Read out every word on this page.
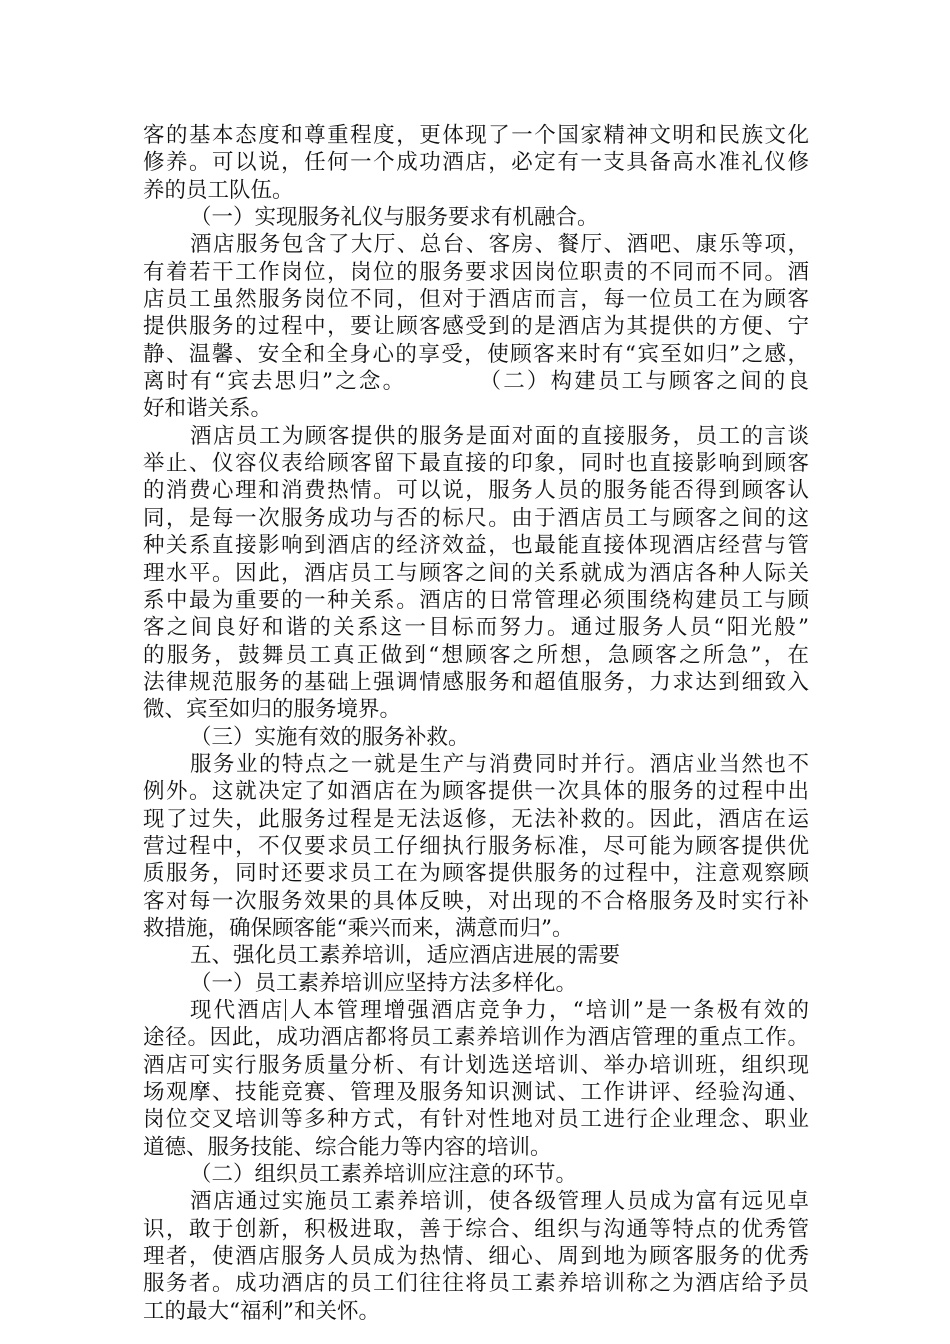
客的基本态度和尊重程度，更体现了一个国家精神文明和民族文化
修养。可以说，任何一个成功酒店，必定有一支具备高水准礼仪修
养的员工队伍。
（一）实现服务礼仪与服务要求有机融合。
酒店服务包含了大厅、总台、客房、餐厅、酒吧、康乐等项，
有着若干工作岗位，岗位的服务要求因岗位职责的不同而不同。酒
店员工虽然服务岗位不同，但对于酒店而言，每一位员工在为顾客
提供服务的过程中，要让顾客感受到的是酒店为其提供的方便、宁
静、温馨、安全和全身心的享受，使顾客来时有“宾至如归”之感，
离时有“宾去思归”之念。　　　　（二）构建员工与顾客之间的良
好和谐关系。
酒店员工为顾客提供的服务是面对面的直接服务，员工的言谈
举止、仪容仪表给顾客留下最直接的印象，同时也直接影响到顾客
的消费心理和消费热情。可以说，服务人员的服务能否得到顾客认
同，是每一次服务成功与否的标尺。由于酒店员工与顾客之间的这
种关系直接影响到酒店的经济效益，也最能直接体现酒店经营与管
理水平。因此，酒店员工与顾客之间的关系就成为酒店各种人际关
系中最为重要的一种关系。酒店的日常管理必须围绕构建员工与顾
客之间良好和谐的关系这一目标而努力。通过服务人员“阳光般”
的服务，鼓舞员工真正做到“想顾客之所想，急顾客之所急”，在
法律规范服务的基础上强调情感服务和超值服务，力求达到细致入
微、宾至如归的服务境界。
（三）实施有效的服务补救。
服务业的特点之一就是生产与消费同时并行。酒店业当然也不
例外。这就决定了如酒店在为顾客提供一次具体的服务的过程中出
现了过失，此服务过程是无法返修，无法补救的。因此，酒店在运
营过程中，不仅要求员工仔细执行服务标准，尽可能为顾客提供优
质服务，同时还要求员工在为顾客提供服务的过程中，注意观察顾
客对每一次服务效果的具体反映，对出现的不合格服务及时实行补
救措施，确保顾客能“乘兴而来，满意而归”。
五、强化员工素养培训，适应酒店进展的需要
（一）员工素养培训应坚持方法多样化。
现代酒店 人本管理增强酒店竞争力，“培训”是一条极有效的
途径。因此，成功酒店都将员工素养培训作为酒店管理的重点工作。
酒店可实行服务质量分析、有计划选送培训、举办培训班，组织现
场观摩、技能竞赛、管理及服务知识测试、工作讲评、经验沟通、
岗位交叉培训等多种方式，有针对性地对员工进行企业理念、职业
道德、服务技能、综合能力等内容的培训。
（二）组织员工素养培训应注意的环节。
酒店通过实施员工素养培训，使各级管理人员成为富有远见卓
识，敢于创新，积极进取，善于综合、组织与沟通等特点的优秀管
理者，使酒店服务人员成为热情、细心、周到地为顾客服务的优秀
服务者。成功酒店的员工们往往将员工素养培训称之为酒店给予员
工的最大“福利”和关怀。
